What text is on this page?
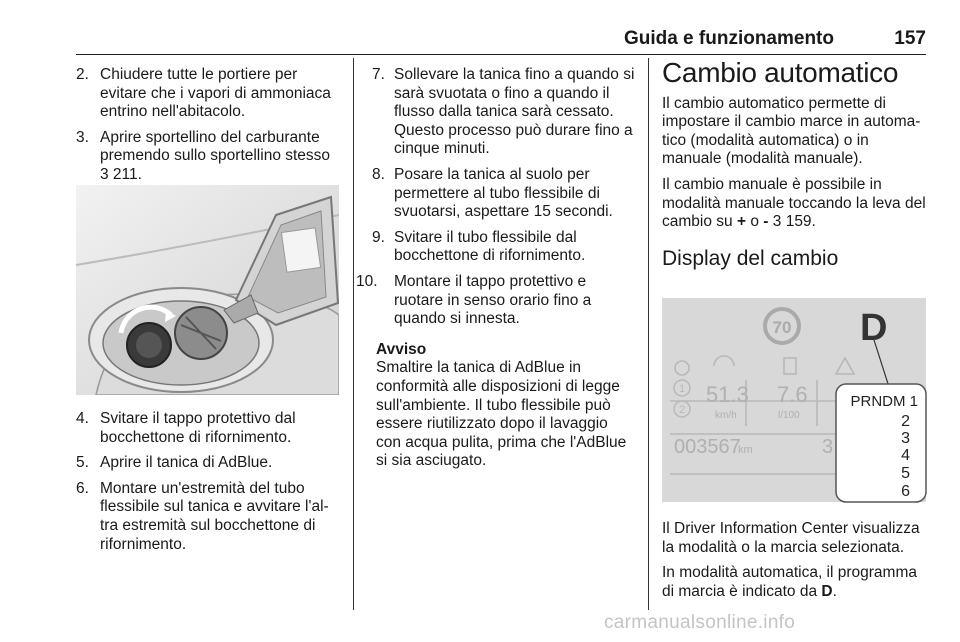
Guida e funzionamento	157
2. Chiudere tutte le portiere per evitare che i vapori di ammoniaca entrino nell'abitacolo.
3. Aprire sportellino del carburante premendo sullo sportellino stesso
3 211.
4. Svitare il tappo protettivo dal bocchettone di rifornimento.
5. Aprire il tanica di AdBlue.
6. Montare un'estremità del tubo flessibile sul tanica e avvitare l'al-tra estremità sul bocchettone di rifornimento.
7. Sollevare la tanica fino a quando si sarà svuotata o fino a quando il flusso dalla tanica sarà cessato. Questo processo può durare fino a cinque minuti.
8. Posare la tanica al suolo per permettere al tubo flessibile di svuotarsi, aspettare 15 secondi.
9. Svitare il tubo flessibile dal bocchettone di rifornimento.
10. Montare il tappo protettivo e ruotare in senso orario fino a quando si innesta.
Avviso
Smaltire la tanica di AdBlue in conformità alle disposizioni di legge sull'ambiente. Il tubo flessibile può essere riutilizzato dopo il lavaggio con acqua pulita, prima che l'AdBlue si sia asciugato.
Cambio automatico

Il cambio automatico permette di impostare il cambio marce in automa-tico (modalità automatica) o in manuale (modalità manuale).

Il cambio manuale è possibile in modalità manuale toccando la leva del cambio su + o - 3 159.

Display del cambio
70 D
1
2
51.3
km/h
7.6
l/100
003567
km	3
PRNDM 1
2
3
4
5
6

Il Driver Information Center visualizza la modalità o la marcia selezionata.

In modalità automatica, il programma di marcia è indicato da D.

carmanualsonline.info
